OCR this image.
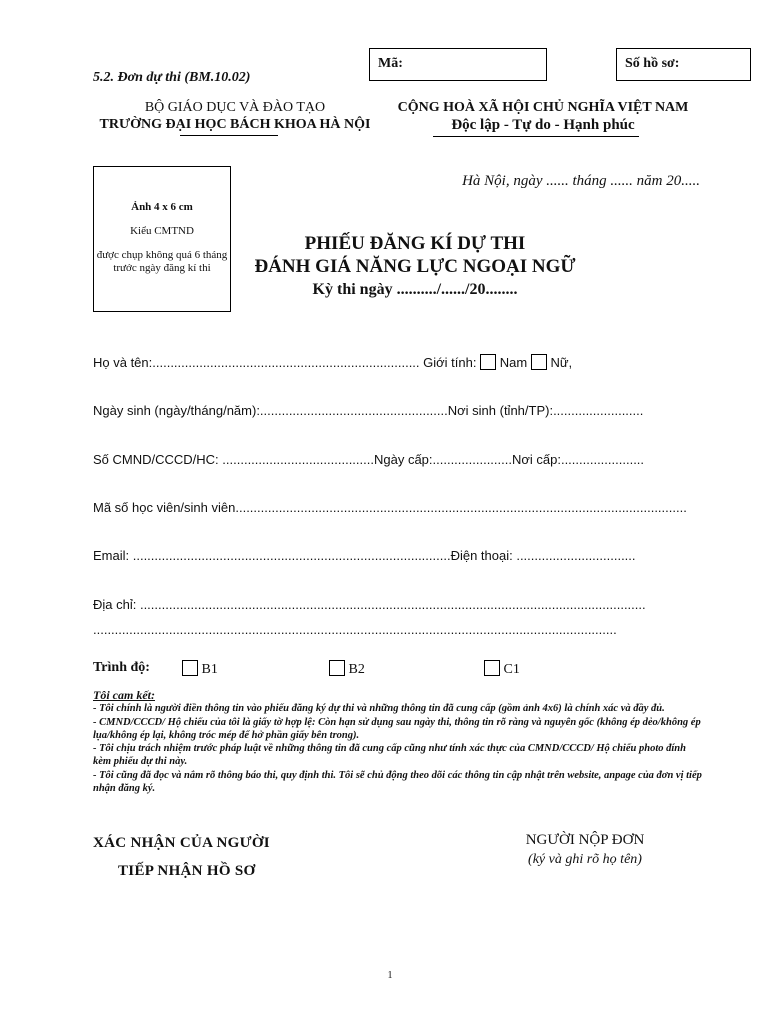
5.2. Đơn dự thi (BM.10.02)
Mã:	Số hồ sơ:
BỘ GIÁO DỤC VÀ ĐÀO TẠO
TRƯỜNG ĐẠI HỌC BÁCH KHOA HÀ NỘI
CỘNG HOÀ XÃ HỘI CHỦ NGHĨA VIỆT NAM
Độc lập - Tự do - Hạnh phúc
Hà Nội, ngày ...... tháng ...... năm 20.....
Ảnh 4 x 6 cm
Kiểu CMTND
được chụp không quá 6 tháng trước ngày đăng kí thi
PHIẾU ĐĂNG KÍ DỰ THI
ĐÁNH GIÁ NĂNG LỰC NGOẠI NGỮ
Kỳ thi ngày ........../....../20........
Họ và tên:.......................................................................... Giới tính: Nam Nữ,
Ngày sinh (ngày/tháng/năm):....................................................Nơi sinh (tỉnh/TP):.........................
Số CMND/CCCD/HC: ..........................................Ngày cấp:......................Nơi cấp:.......................
Mã số học viên/sinh viên.............................................................................................................................
Email: ........................................................................................Điện thoại: .................................
Địa chỉ: ............................................................................................................................................
.................................................................................................................................................
Trình độ:	B1	B2	C1
Tôi cam kết:
- Tôi chính là người điền thông tin vào phiếu đăng ký dự thi và những thông tin đã cung cấp (gồm ảnh 4x6) là chính xác và đầy đủ.
- CMND/CCCD/ Hộ chiếu của tôi là giấy tờ hợp lệ: Còn hạn sử dụng sau ngày thi, thông tin rõ ràng và nguyên gốc (không ép dẻo/không ép lụa/không ép lại, không tróc mép để hở phần giấy bên trong).
- Tôi chịu trách nhiệm trước pháp luật về những thông tin đã cung cấp cũng như tính xác thực của CMND/CCCD/ Hộ chiếu photo đính kèm phiếu dự thi này.
- Tôi cũng đã đọc và nắm rõ thông báo thi, quy định thi. Tôi sẽ chủ động theo dõi các thông tin cập nhật trên website, anpage của đơn vị tiếp nhận đăng ký.
XÁC NHẬN CỦA NGƯỜI
TIẾP NHẬN HỒ SƠ
NGƯỜI NỘP ĐƠN
(ký và ghi rõ họ tên)
1
